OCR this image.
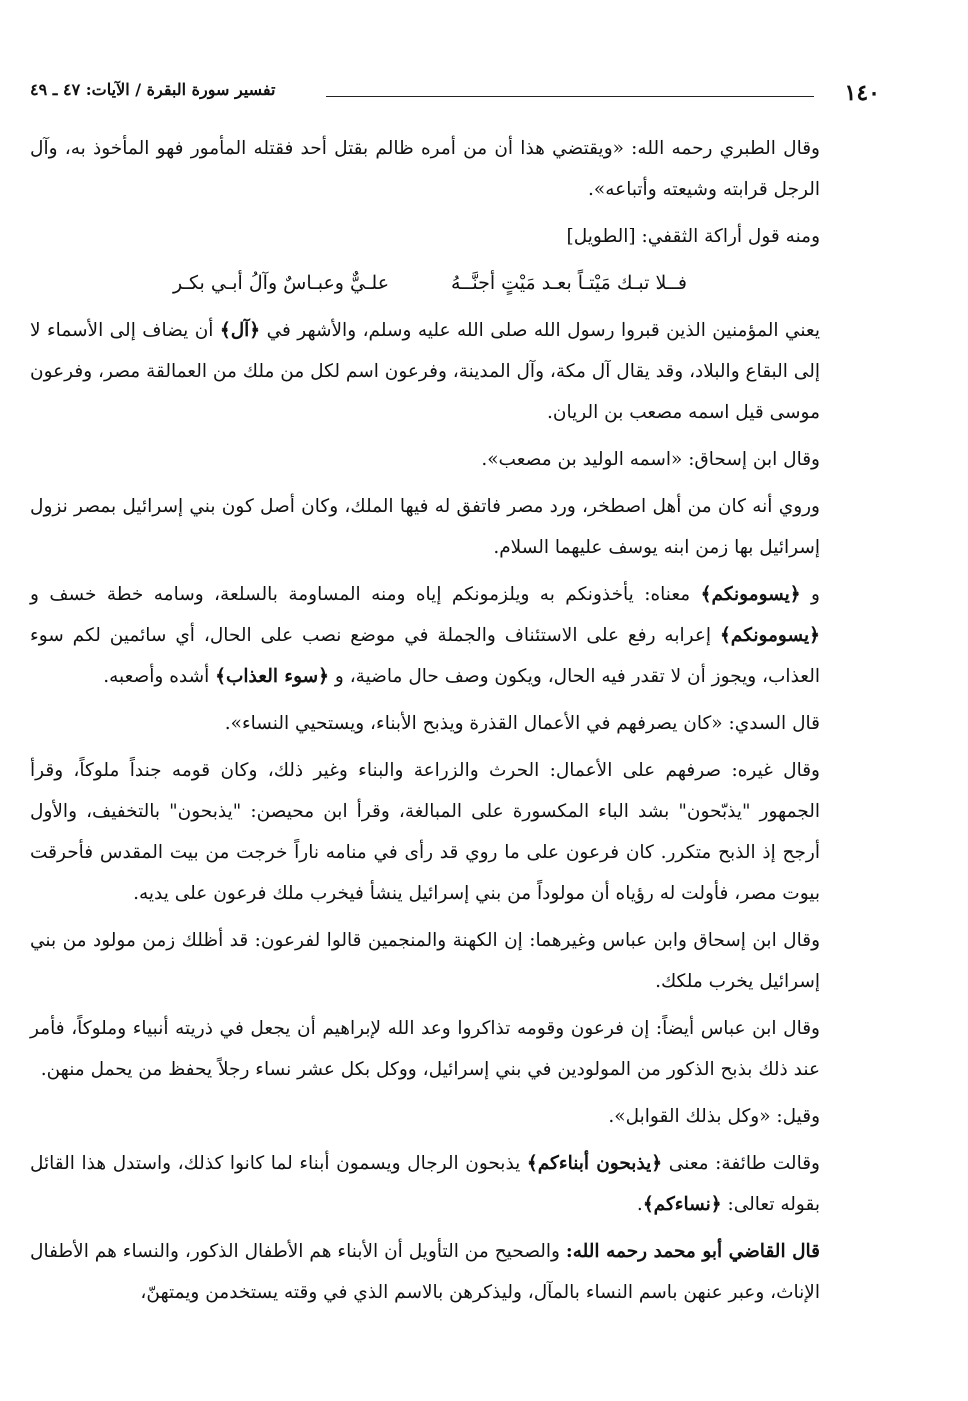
١٤٠
تفسير سورة البقرة / الآيات: ٤٧ ـ ٤٩

وقال الطبري رحمه الله: «ويقتضي هذا أن من أمره ظالم بقتل أحد فقتله المأمور فهو المأخوذ به، وآل الرجل قرابته وشيعته وأتباعه».

ومنه قول أراكة الثقفي: [الطويل]

فــلا تبـك مَيْتـاً بعـد مَيْتٍ أجنَّــهُ
علـيٌّ وعبـاسٌ وآلُ أبـي بكـر

يعني المؤمنين الذين قبروا رسول الله صلى الله عليه وسلم، والأشهر في ﴿آل﴾ أن يضاف إلى الأسماء لا إلى البقاع والبلاد، وقد يقال آل مكة، وآل المدينة، وفرعون اسم لكل من ملك من العمالقة مصر، وفرعون موسى قيل اسمه مصعب بن الريان.

وقال ابن إسحاق: «اسمه الوليد بن مصعب».

وروي أنه كان من أهل اصطخر، ورد مصر فاتفق له فيها الملك، وكان أصل كون بني إسرائيل بمصر نزول إسرائيل بها زمن ابنه يوسف عليهما السلام.

و ﴿يسومونكم﴾ معناه: يأخذونكم به ويلزمونكم إياه ومنه المساومة بالسلعة، وسامه خطة خسف و ﴿يسومونكم﴾ إعرابه رفع على الاستئناف والجملة في موضع نصب على الحال، أي سائمين لكم سوء العذاب، ويجوز أن لا تقدر فيه الحال، ويكون وصف حال ماضية، و ﴿سوء العذاب﴾ أشده وأصعبه.

قال السدي: «كان يصرفهم في الأعمال القذرة ويذبح الأبناء، ويستحيي النساء».

وقال غيره: صرفهم على الأعمال: الحرث والزراعة والبناء وغير ذلك، وكان قومه جنداً ملوكاً، وقرأ الجمهور "يذبّحون" بشد الباء المكسورة على المبالغة، وقرأ ابن محيصن: "يذبحون" بالتخفيف، والأول أرجح إذ الذبح متكرر. كان فرعون على ما روي قد رأى في منامه ناراً خرجت من بيت المقدس فأحرقت بيوت مصر، فأولت له رؤياه أن مولوداً من بني إسرائيل ينشأ فيخرب ملك فرعون على يديه.

وقال ابن إسحاق وابن عباس وغيرهما: إن الكهنة والمنجمين قالوا لفرعون: قد أظلك زمن مولود من بني إسرائيل يخرب ملكك.

وقال ابن عباس أيضاً: إن فرعون وقومه تذاكروا وعد الله لإبراهيم أن يجعل في ذريته أنبياء وملوكاً، فأمر عند ذلك بذبح الذكور من المولودين في بني إسرائيل، ووكل بكل عشر نساء رجلاً يحفظ من يحمل منهن.

وقيل: «وكل بذلك القوابل».

وقالت طائفة: معنى ﴿يذبحون أبناءكم﴾ يذبحون الرجال ويسمون أبناء لما كانوا كذلك، واستدل هذا القائل بقوله تعالى: ﴿نساءكم﴾.

قال القاضي أبو محمد رحمه الله: والصحيح من التأويل أن الأبناء هم الأطفال الذكور، والنساء هم الأطفال الإناث، وعبر عنهن باسم النساء بالمآل، وليذكرهن بالاسم الذي في وقته يستخدمن ويمتهنّ،
